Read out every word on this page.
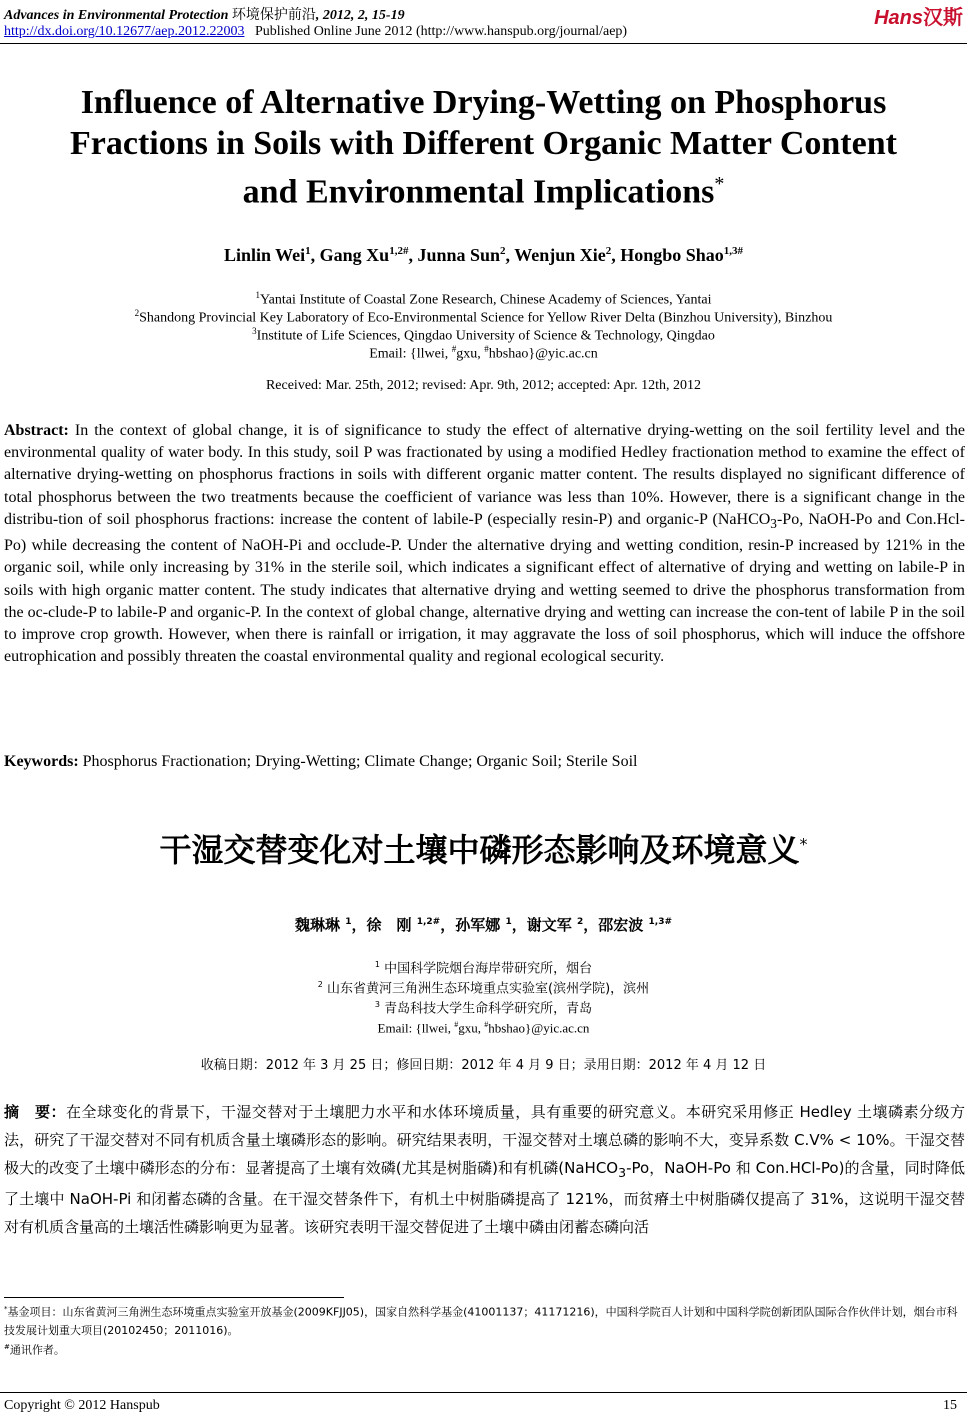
Advances in Environmental Protection 环境保护前沿, 2012, 2, 15-19	Hans汉斯
http://dx.doi.org/10.12677/aep.2012.22003 Published Online June 2012 (http://www.hanspub.org/journal/aep)
Influence of Alternative Drying-Wetting on Phosphorus
Fractions in Soils with Different Organic Matter Content
and Environmental Implications*
Linlin Wei$^1$, Gang $Xu^{1,2\#}$, Junna Sun$^2$, Wenjun Xie$^2$, Hongbo Shao$^{1,3\#}$
$^1$Yantai Institute of Coastal Zone Research, Chinese Academy of Sciences, Yantai
$^2$Shandong Provincial Key Laboratory of Eco-Environmental Science for Yellow River Delta (Binzhou University), Binzhou
$^3$Institute of Life Sciences, Qingdao University of Science & Technology, Qingdao
Email: {llwei, #gxu, #hbshao}@yic.ac.cn
Received: Mar. 25th, 2012; revised: Apr. 9th, 2012; accepted: Apr. 12th, 2012
Abstract: In the context of global change, it is of significance to study the effect of alternative drying-wetting on the soil fertility level and the environmental quality of water body. In this study, soil P was fractionated by using a modified Hedley fractionation method to examine the effect of alternative drying-wetting on phosphorus fractions in soils with different organic matter content. The results displayed no significant difference of total phosphorus between the two treatments because the coefficient of variance was less than 10%. However, there is a significant change in the distribu-tion of soil phosphorus fractions: increase the content of labile-P (especially resin-P) and organic-P (NaHCO$_3$-Po, NaOH-Po and Con.Hcl-Po) while decreasing the content of NaOH-Pi and occlude-P. Under the alternative drying and wetting condition, resin-P increased by 121% in the organic soil, while only increasing by 31% in the sterile soil, which indicates a significant effect of alternative of drying and wetting on labile-P in soils with high organic matter content. The study indicates that alternative drying and wetting seemed to drive the phosphorus transformation from the oc-clude-P to labile-P and organic-P. In the context of global change, alternative drying and wetting can increase the con-tent of labile P in the soil to improve crop growth. However, when there is rainfall or irrigation, it may aggravate the loss of soil phosphorus, which will induce the offshore eutrophication and possibly threaten the coastal environmental quality and regional ecological security.
Keywords: Phosphorus Fractionation; Drying-Wetting; Climate Change; Organic Soil; Sterile Soil
干湿交替变化对土壤中磷形态影响及环境意义*
魏琳琳 $^1$，徐　刚 $^{1,2\#}$，孙军娜 $^1$，谢文军 $^2$，邵宏波 $^{1,3\#}$
$^1$ 中国科学院烟台海岸带研究所，烟台
$^2$ 山东省黄河三角洲生态环境重点实验室(滨州学院)，滨州
$^3$ 青岛科技大学生命科学研究所，青岛
Email: {llwei, #gxu, #hbshao}@yic.ac.cn
收稿日期：2012 年 3 月 25 日；修回日期：2012 年 4 月 9 日；录用日期：2012 年 4 月 12 日
摘　要：在全球变化的背景下，干湿交替对于土壤肥力水平和水体环境质量，具有重要的研究意义。本研究采用修正 Hedley 土壤磷素分级方法，研究了干湿交替对不同有机质含量土壤磷形态的影响。研究结果表明，干湿交替对土壤总磷的影响不大，变异系数 C.V% < 10%。干湿交替极大的改变了土壤中磷形态的分布：显著提高了土壤有效磷(尤其是树脂磷)和有机磷(NaHCO$_3$-Po，NaOH-Po 和 Con.HCl-Po)的含量，同时降低了土壤中 NaOH-Pi 和闭蓄态磷的含量。在干湿交替条件下，有机土中树脂磷提高了 121%，而贫瘠土中树脂磷仅提高了 31%，这说明干湿交替对有机质含量高的土壤活性磷影响更为显著。该研究表明干湿交替促进了土壤中磷由闭蓄态磷向活
*基金项目：山东省黄河三角洲生态环境重点实验室开放基金(2009KFJJ05)，国家自然科学基金(41001137；41171216)，中国科学院百人计划和中国科学院创新团队国际合作伙伴计划，烟台市科技发展计划重大项目(20102450；2011016)。
#通讯作者。
Copyright © 2012 Hanspub	15
